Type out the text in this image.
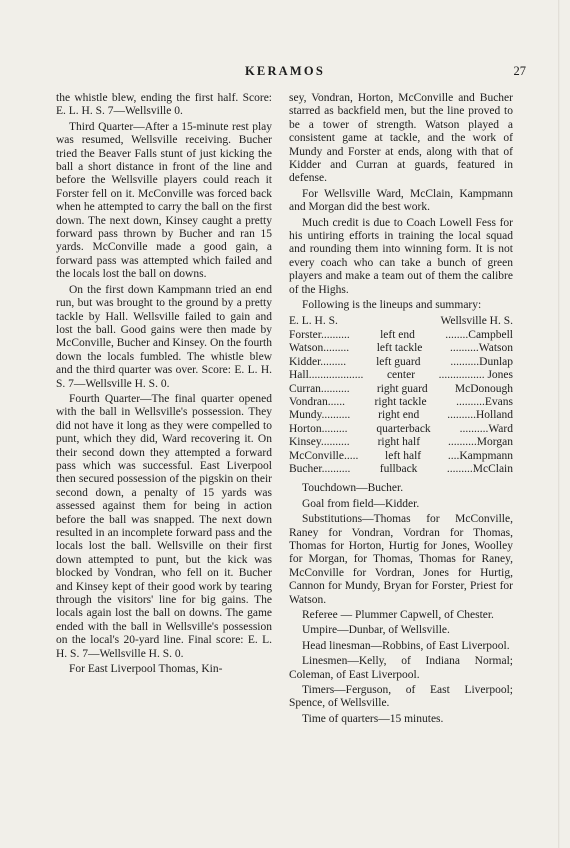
KERAMOS	27

the whistle blew, ending the first half. Score: E. L. H. S. 7—Wellsville 0.

Third Quarter—After a 15-minute rest play was resumed, Wellsville receiving. Bucher tried the Beaver Falls stunt of just kicking the ball a short distance in front of the line and before the Wellsville players could reach it Forster fell on it. McConville was forced back when he attempted to carry the ball on the first down. The next down, Kinsey caught a pretty forward pass thrown by Bucher and ran 15 yards. McConville made a good gain, a forward pass was attempted which failed and the locals lost the ball on downs.

On the first down Kampmann tried an end run, but was brought to the ground by a pretty tackle by Hall. Wellsville failed to gain and lost the ball. Good gains were then made by McConville, Bucher and Kinsey. On the fourth down the locals fumbled. The whistle blew and the third quarter was over. Score: E. L. H. S. 7—Wellsville H. S. 0.

Fourth Quarter—The final quarter opened with the ball in Wellsville's possession. They did not have it long as they were compelled to punt, which they did, Ward recovering it. On their second down they attempted a forward pass which was successful. East Liverpool then secured possession of the pigskin on their second down, a penalty of 15 yards was assessed against them for being in action before the ball was snapped. The next down resulted in an incomplete forward pass and the locals lost the ball. Wellsville on their first down attempted to punt, but the kick was blocked by Vondran, who fell on it. Bucher and Kinsey kept of their good work by tearing through the visitors' line for big gains. The locals again lost the ball on downs. The game ended with the ball in Wellsville's possession on the local's 20-yard line. Final score: E. L. H. S. 7—Wellsville H. S. 0.

For East Liverpool Thomas, Kin-

sey, Vondran, Horton, McConville and Bucher starred as backfield men, but the line proved to be a tower of strength. Watson played a consistent game at tackle, and the work of Mundy and Forster at ends, along with that of Kidder and Curran at guards, featured in defense.

For Wellsville Ward, McClain, Kampmann and Morgan did the best work.

Much credit is due to Coach Lowell Fess for his untiring efforts in training the local squad and rounding them into winning form. It is not every coach who can take a bunch of green players and make a team out of them the calibre of the Highs.

Following is the lineups and summary:

E. L. H. S.	Wellsville H. S.
Forster..........	left end	........Campbell
Watson.........	left tackle	..........Watson
Kidder.........	left guard	..........Dunlap
Hall...................	center	................ Jones
Curran..........	right guard	McDonough
Vondran......	right tackle	..........Evans
Mundy..........	right end	..........Holland
Horton.........	quarterback	..........Ward
Kinsey..........	right half	..........Morgan
McConville.....	left half	....Kampmann
Bucher..........	fullback	.........McClain

Touchdown—Bucher.

Goal from field—Kidder.

Substitutions—Thomas for McConville, Raney for Vondran, Vordran for Thomas, Thomas for Horton, Hurtig for Jones, Woolley for Morgan, for Thomas, Thomas for Raney, McConville for Vordran, Jones for Hurtig, Cannon for Mundy, Bryan for Forster, Priest for Watson.

Referee — Plummer Capwell, of Chester.

Umpire—Dunbar, of Wellsville.

Head linesman—Robbins, of East Liverpool.

Linesmen—Kelly, of Indiana Normal; Coleman, of East Liverpool.

Timers—Ferguson, of East Liverpool; Spence, of Wellsville.

Time of quarters—15 minutes.
